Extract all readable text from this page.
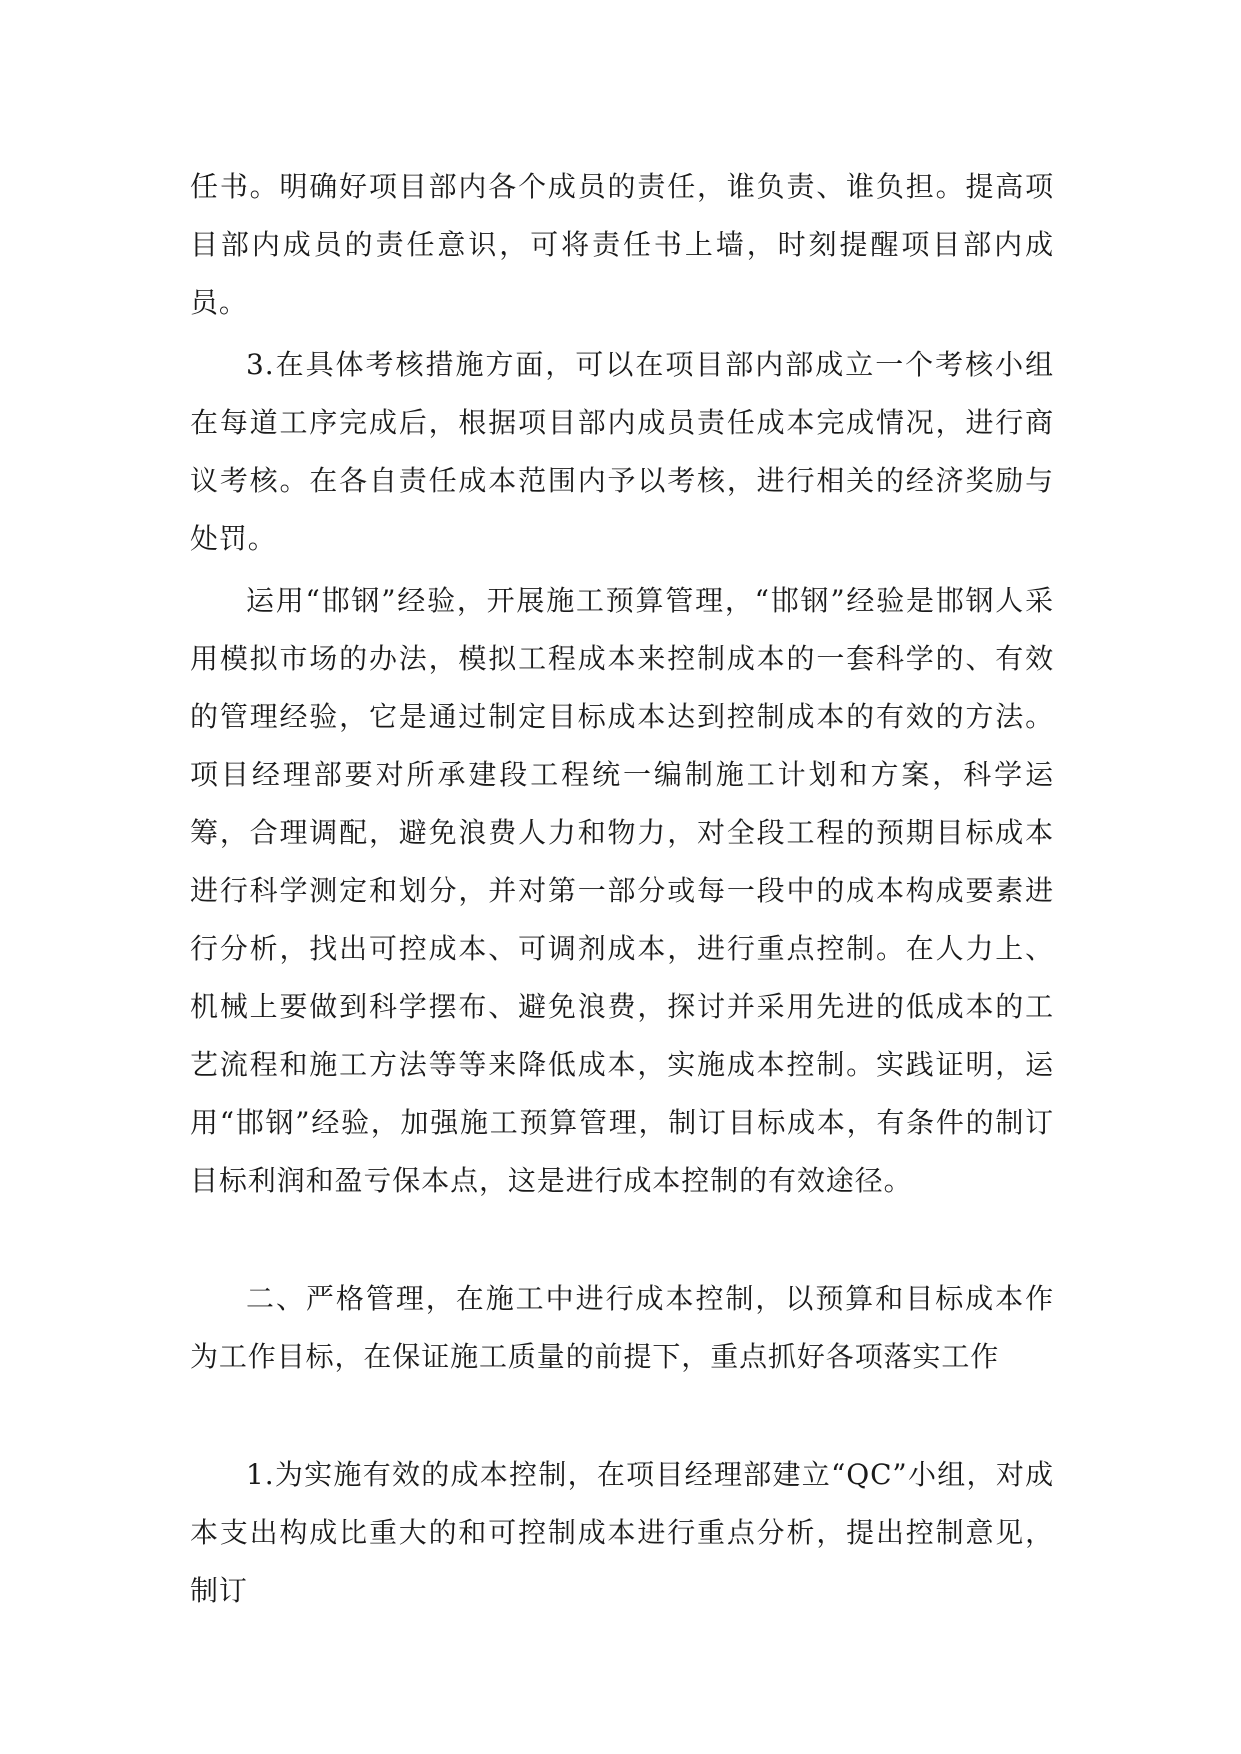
任书。明确好项目部内各个成员的责任，谁负责、谁负担。提高项目部内成员的责任意识，可将责任书上墙，时刻提醒项目部内成员。

3.在具体考核措施方面，可以在项目部内部成立一个考核小组在每道工序完成后，根据项目部内成员责任成本完成情况，进行商议考核。在各自责任成本范围内予以考核，进行相关的经济奖励与处罚。

运用“邯钢”经验，开展施工预算管理，“邯钢”经验是邯钢人采用模拟市场的办法，模拟工程成本来控制成本的一套科学的、有效的管理经验，它是通过制定目标成本达到控制成本的有效的方法。项目经理部要对所承建段工程统一编制施工计划和方案，科学运筹，合理调配，避免浪费人力和物力，对全段工程的预期目标成本进行科学测定和划分，并对第一部分或每一段中的成本构成要素进行分析，找出可控成本、可调剂成本，进行重点控制。在人力上、机械上要做到科学摆布、避免浪费，探讨并采用先进的低成本的工艺流程和施工方法等等来降低成本，实施成本控制。实践证明，运用“邯钢”经验，加强施工预算管理，制订目标成本，有条件的制订目标利润和盈亏保本点，这是进行成本控制的有效途径。

二、严格管理，在施工中进行成本控制，以预算和目标成本作为工作目标，在保证施工质量的前提下，重点抓好各项落实工作

1.为实施有效的成本控制，在项目经理部建立“QC”小组，对成本支出构成比重大的和可控制成本进行重点分析，提出控制意见，制订
